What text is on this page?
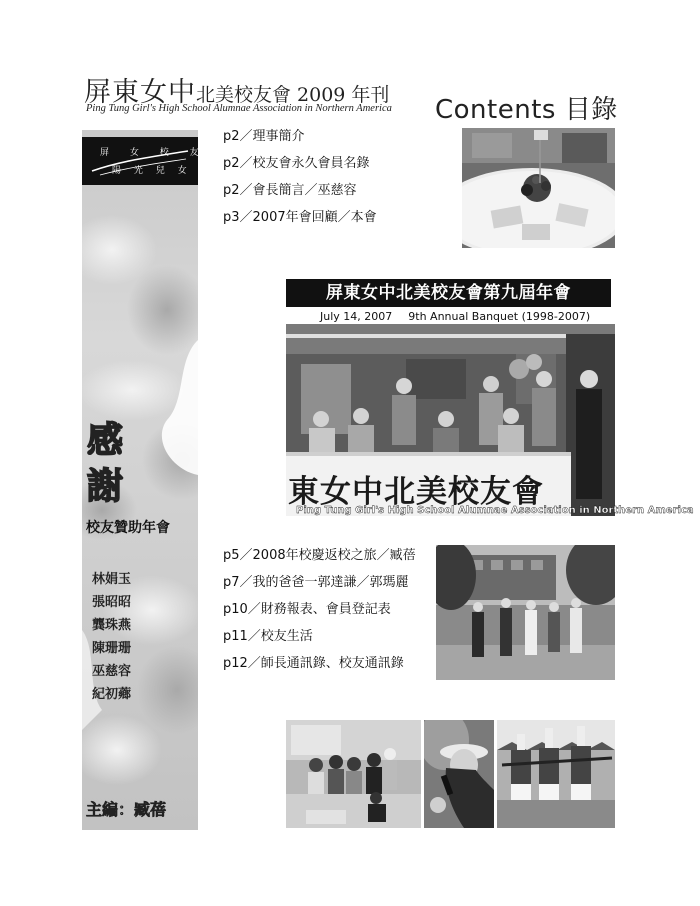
屏東女中北美校友會 2009 年刊
Ping Tung Girl's High School Alumnae Association in Northern America Contents 目錄
屏 女 校 友
陽 光 兒 女
感
謝
校友贊助年會
林娟玉
張昭昭
龔珠燕
陳珊珊
巫慈容
紀初薌
主編：臧蓓
p2／理事簡介
p2／校友會永久會員名錄
p2／會長簡言／巫慈容
p3／2007年會回顧／本會
屏東女中北美校友會第九屆年會
July 14, 2007 9th Annual Banquet (1998-2007)
東女中北美校友會
Ping Tung Girl's High School Alumnae Association in Northern America
p5／2008年校慶返校之旅／臧蓓
p7／我的爸爸一郭達謙／郭瑪麗
p10／財務報表、會員登記表
p11／校友生活
p12／師長通訊錄、校友通訊錄
